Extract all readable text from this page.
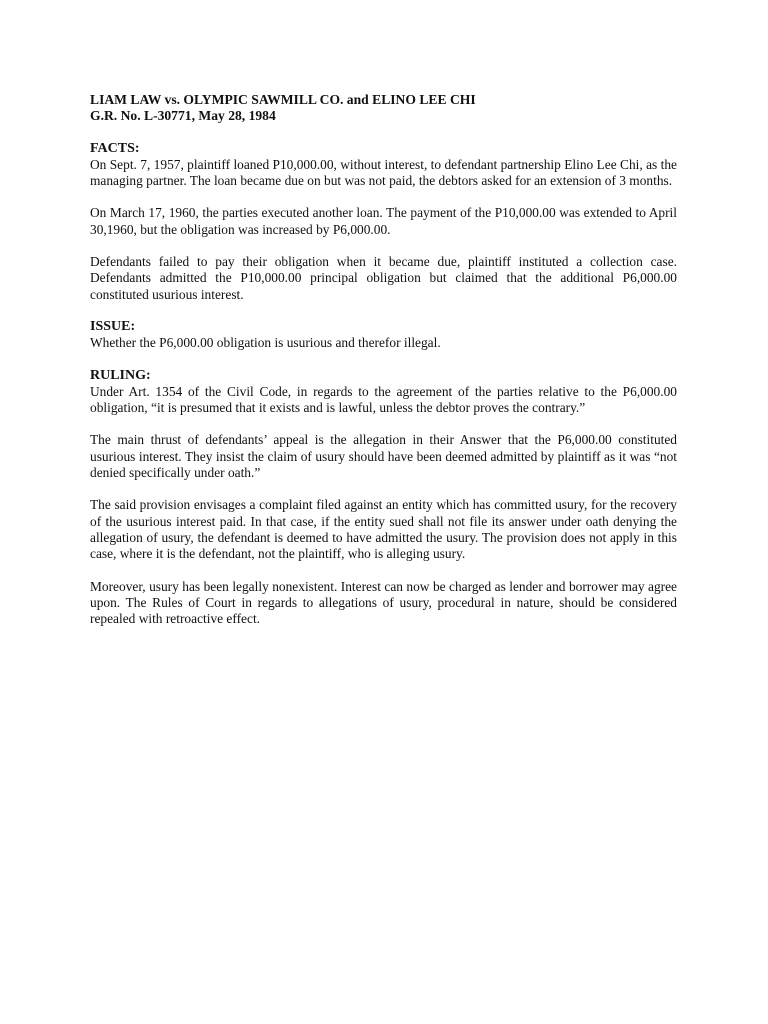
LIAM LAW vs. OLYMPIC SAWMILL CO. and ELINO LEE CHI

G.R. No. L-30771, May 28, 1984

FACTS:

On Sept. 7, 1957, plaintiff loaned P10,000.00, without interest, to defendant partnership Elino Lee Chi, as the managing partner. The loan became due on but was not paid, the debtors asked for an extension of 3 months.

On March 17, 1960, the parties executed another loan. The payment of the P10,000.00 was extended to April 30,1960, but the obligation was increased by P6,000.00.

Defendants failed to pay their obligation when it became due, plaintiff instituted a collection case. Defendants admitted the P10,000.00 principal obligation but claimed that the additional P6,000.00 constituted usurious interest.

ISSUE:

Whether the P6,000.00 obligation is usurious and therefor illegal.

RULING:

Under Art. 1354 of the Civil Code, in regards to the agreement of the parties relative to the P6,000.00 obligation, “it is presumed that it exists and is lawful, unless the debtor proves the contrary.”

The main thrust of defendants’ appeal is the allegation in their Answer that the P6,000.00 constituted usurious interest. They insist the claim of usury should have been deemed admitted by plaintiff as it was “not denied specifically under oath.”

The said provision envisages a complaint filed against an entity which has committed usury, for the recovery of the usurious interest paid. In that case, if the entity sued shall not file its answer under oath denying the allegation of usury, the defendant is deemed to have admitted the usury. The provision does not apply in this case, where it is the defendant, not the plaintiff, who is alleging usury.

Moreover, usury has been legally nonexistent. Interest can now be charged as lender and borrower may agree upon. The Rules of Court in regards to allegations of usury, procedural in nature, should be considered repealed with retroactive effect.
